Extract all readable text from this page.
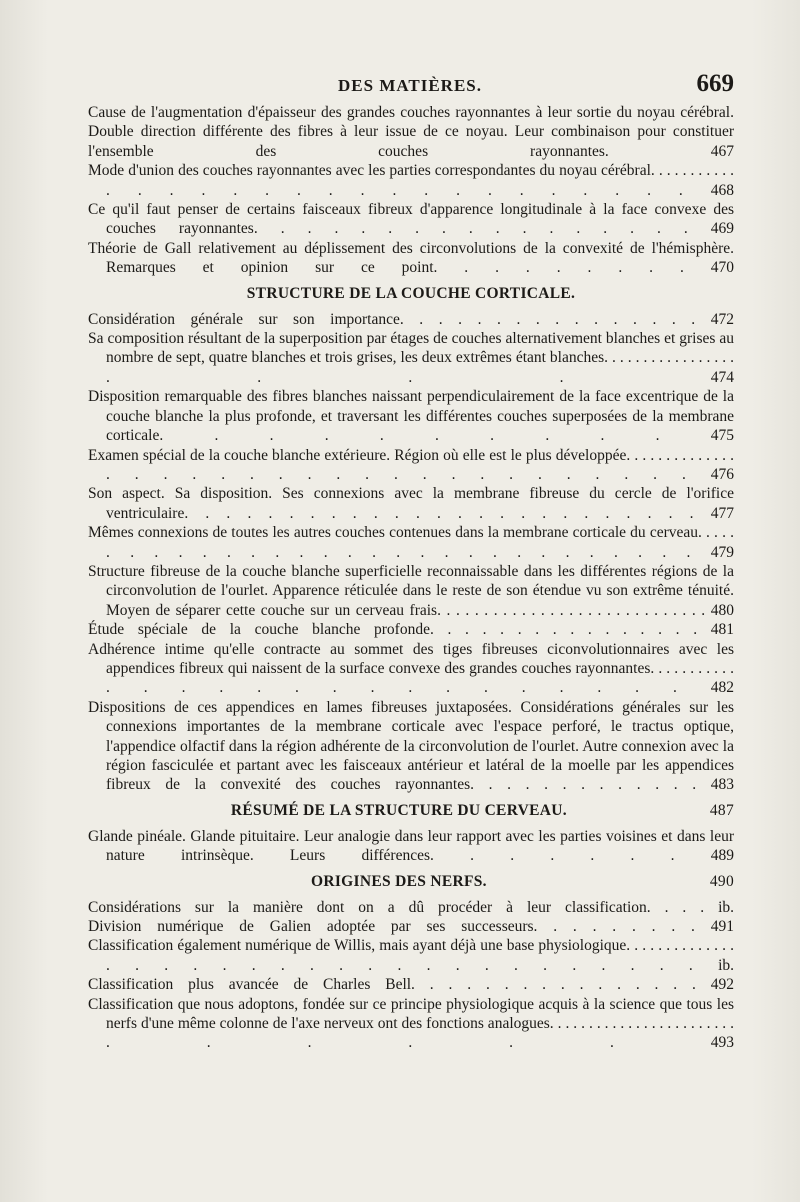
DES MATIÈRES.	669
Cause de l'augmentation d'épaisseur des grandes couches rayonnantes à leur sortie du noyau cérébral. Double direction différente des fibres à leur issue de ce noyau. Leur combinaison pour constituer l'ensemble des couches rayonnantes.	467
Mode d'union des couches rayonnantes avec les parties correspondantes du noyau cérébral. . . . . . . . . . . . . . . . . . . . . . . . . . . . . . 468
Ce qu'il faut penser de certains faisceaux fibreux d'apparence longitudinale à la face convexe des couches rayonnantes. . . . . . . . . . . . . . . . . 469
Théorie de Gall relativement au déplissement des circonvolutions de la convexité de l'hémisphère. Remarques et opinion sur ce point. . . . . . . . . 470
STRUCTURE DE LA COUCHE CORTICALE.
Considération générale sur son importance. . . . . . . . . . . . . . . . 472
Sa composition résultant de la superposition par étages de couches alternativement blanches et grises au nombre de sept, quatre blanches et trois grises, les deux extrêmes étant blanches. . . . . . . . . . . . . . . . . . . . .	474
Disposition remarquable des fibres blanches naissant perpendiculairement de la face excentrique de la couche blanche la plus profonde, et traversant les différentes couches superposées de la membrane corticale. . . . . . . . . .	475
Examen spécial de la couche blanche extérieure. Région où elle est le plus développée. . . . . . . . . . . . . . . . . . . . . . . . . . . . . . . . . . . 476
Son aspect. Sa disposition. Ses connexions avec la membrane fibreuse du cercle de l'orifice ventriculaire. . . . . . . . . . . . . . . . . . . . . . . . . 477
Mêmes connexions de toutes les autres couches contenues dans la membrane corticale du cerveau. . . . . . . . . . . . . . . . . . . . . . . . . . . . . . 479
Structure fibreuse de la couche blanche superficielle reconnaissable dans les différentes régions de la circonvolution de l'ourlet. Apparence réticulée dans le reste de son étendue vu son extrême ténuité. Moyen de séparer cette couche sur un cerveau frais. . . . . . . . . . . . . . . . . . . . . . . . . . . . . 480
Étude spéciale de la couche blanche profonde. . . . . . . . . . . . . . . . 481
Adhérence intime qu'elle contracte au sommet des tiges fibreuses ciconvolutionnaires avec les appendices fibreux qui naissent de la surface convexe des grandes couches rayonnantes. . . . . . . . . . . . . . . . . . . . . . . . . . . 482
Dispositions de ces appendices en lames fibreuses juxtaposées. Considérations générales sur les connexions importantes de la membrane corticale avec l'espace perforé, le tractus optique, l'appendice olfactif dans la région adhérente de la circonvolution de l'ourlet. Autre connexion avec la région fasciculée et partant avec les faisceaux antérieur et latéral de la moelle par les appendices fibreux de la convexité des couches rayonnantes. . . . . . . . . . . . . 483
RÉSUMÉ DE LA STRUCTURE DU CERVEAU.	487
Glande pinéale. Glande pituitaire. Leur analogie dans leur rapport avec les parties voisines et dans leur nature intrinsèque. Leurs différences. . . . . . . 489
ORIGINES DES NERFS.	490
Considérations sur la manière dont on a dû procéder à leur classification. . . . ib.
Division numérique de Galien adoptée par ses successeurs. . . . . . . . . 491
Classification également numérique de Willis, mais ayant déjà une base physiologique. . . . . . . . . . . . . . . . . . . . . . . . . . . . . . . . . . . ib.
Classification plus avancée de Charles Bell. . . . . . . . . . . . . . . . 492
Classification que nous adoptons, fondée sur ce principe physiologique acquis à la science que tous les nerfs d'une même colonne de l'axe nerveux ont des fonctions analogues. . . . . . . . . . . . . . . . . . . . . . . . . . . . . .	493
